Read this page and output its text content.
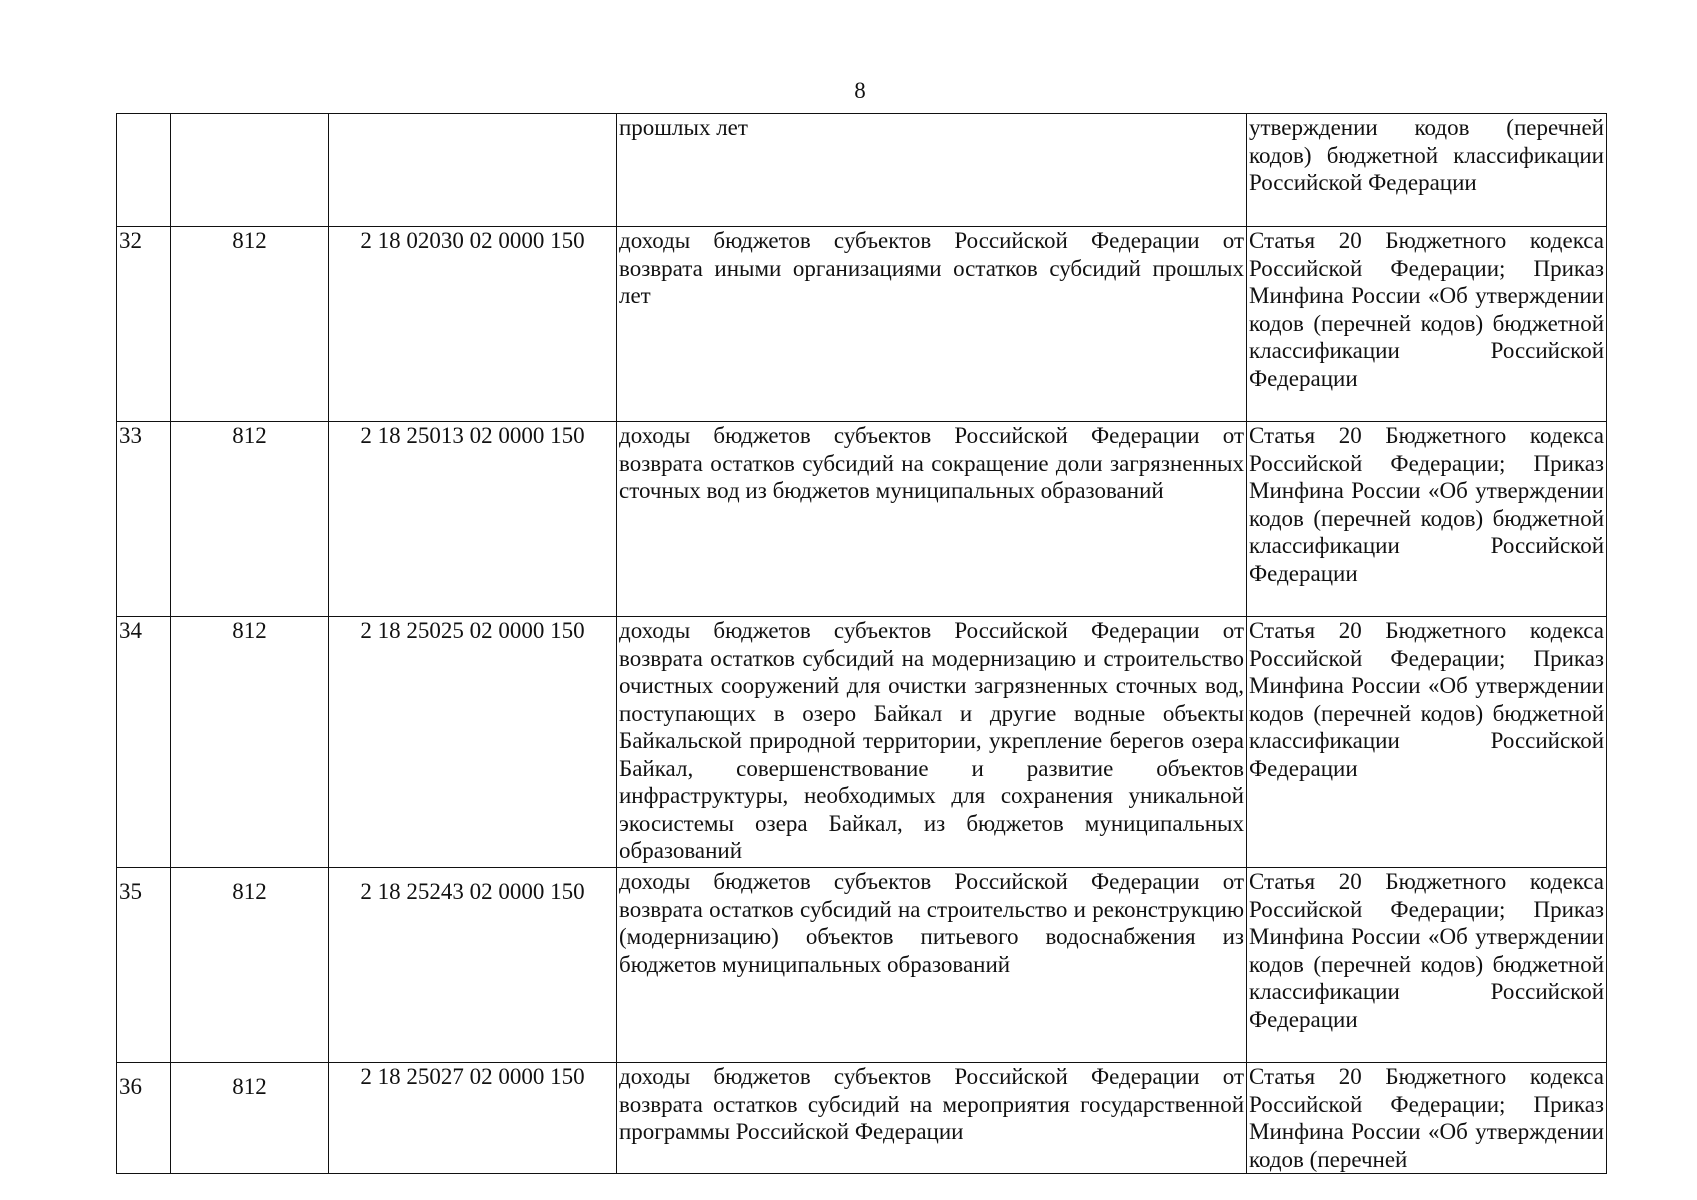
8
			прошлых лет	утверждении кодов (перечней кодов) бюджетной классификации Российской Федерации
32	812	2 18 02030 02 0000 150	доходы бюджетов субъектов Российской Федерации от возврата иными организациями остатков субсидий прошлых лет	Статья 20 Бюджетного кодекса Российской Федерации; Приказ Минфина России «Об утверждении кодов (перечней кодов) бюджетной классификации Российской Федерации
33	812	2 18 25013 02 0000 150	доходы бюджетов субъектов Российской Федерации от возврата остатков субсидий на сокращение доли загрязненных сточных вод из бюджетов муниципальных образований	Статья 20 Бюджетного кодекса Российской Федерации; Приказ Минфина России «Об утверждении кодов (перечней кодов) бюджетной классификации Российской Федерации
34	812	2 18 25025 02 0000 150	доходы бюджетов субъектов Российской Федерации от возврата остатков субсидий на модернизацию и строительство очистных сооружений для очистки загрязненных сточных вод, поступающих в озеро Байкал и другие водные объекты Байкальской природной территории, укрепление берегов озера Байкал, совершенствование и развитие объектов инфраструктуры, необходимых для сохранения уникальной экосистемы озера Байкал, из бюджетов муниципальных образований	Статья 20 Бюджетного кодекса Российской Федерации; Приказ Минфина России «Об утверждении кодов (перечней кодов) бюджетной классификации Российской Федерации
35	812	2 18 25243 02 0000 150	доходы бюджетов субъектов Российской Федерации от возврата остатков субсидий на строительство и реконструкцию (модернизацию) объектов питьевого водоснабжения из бюджетов муниципальных образований	Статья 20 Бюджетного кодекса Российской Федерации; Приказ Минфина России «Об утверждении кодов (перечней кодов) бюджетной классификации Российской Федерации
36	812	2 18 25027 02 0000 150	доходы бюджетов субъектов Российской Федерации от возврата остатков субсидий на мероприятия государственной программы Российской Федерации	Статья 20 Бюджетного кодекса Российской Федерации; Приказ Минфина России «Об утверждении кодов (перечней
